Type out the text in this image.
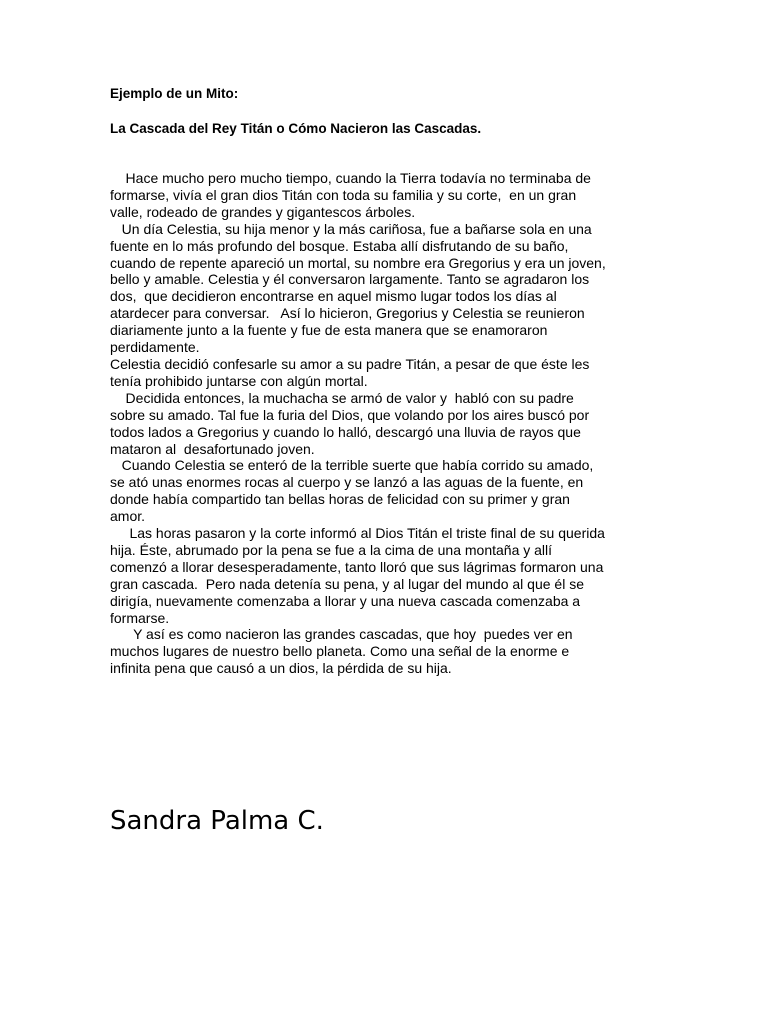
Ejemplo de un Mito:

La Cascada del Rey Titán o Cómo Nacieron las Cascadas.

Hace mucho pero mucho tiempo, cuando la Tierra todavía no terminaba de
formarse, vivía el gran dios Titán con toda su familia y su corte,  en un gran
valle, rodeado de grandes y gigantescos árboles.

Un día Celestia, su hija menor y la más cariñosa, fue a bañarse sola en una
fuente en lo más profundo del bosque. Estaba allí disfrutando de su baño,
cuando de repente apareció un mortal, su nombre era Gregorius y era un joven,
bello y amable. Celestia y él conversaron largamente. Tanto se agradaron los
dos,  que decidieron encontrarse en aquel mismo lugar todos los días al
atardecer para conversar.   Así lo hicieron, Gregorius y Celestia se reunieron
diariamente junto a la fuente y fue de esta manera que se enamoraron
perdidamente.

Celestia decidió confesarle su amor a su padre Titán, a pesar de que éste les
tenía prohibido juntarse con algún mortal.

Decidida entonces, la muchacha se armó de valor y  habló con su padre
sobre su amado. Tal fue la furia del Dios, que volando por los aires buscó por
todos lados a Gregorius y cuando lo halló, descargó una lluvia de rayos que
mataron al  desafortunado joven.

Cuando Celestia se enteró de la terrible suerte que había corrido su amado,
se ató unas enormes rocas al cuerpo y se lanzó a las aguas de la fuente, en
donde había compartido tan bellas horas de felicidad con su primer y gran
amor.

Las horas pasaron y la corte informó al Dios Titán el triste final de su querida
hija. Éste, abrumado por la pena se fue a la cima de una montaña y allí
comenzó a llorar desesperadamente, tanto lloró que sus lágrimas formaron una
gran cascada.  Pero nada detenía su pena, y al lugar del mundo al que él se
dirigía, nuevamente comenzaba a llorar y una nueva cascada comenzaba a
formarse.

Y así es como nacieron las grandes cascadas, que hoy  puedes ver en
muchos lugares de nuestro bello planeta. Como una señal de la enorme e
infinita pena que causó a un dios, la pérdida de su hija.

Sandra Palma C.
